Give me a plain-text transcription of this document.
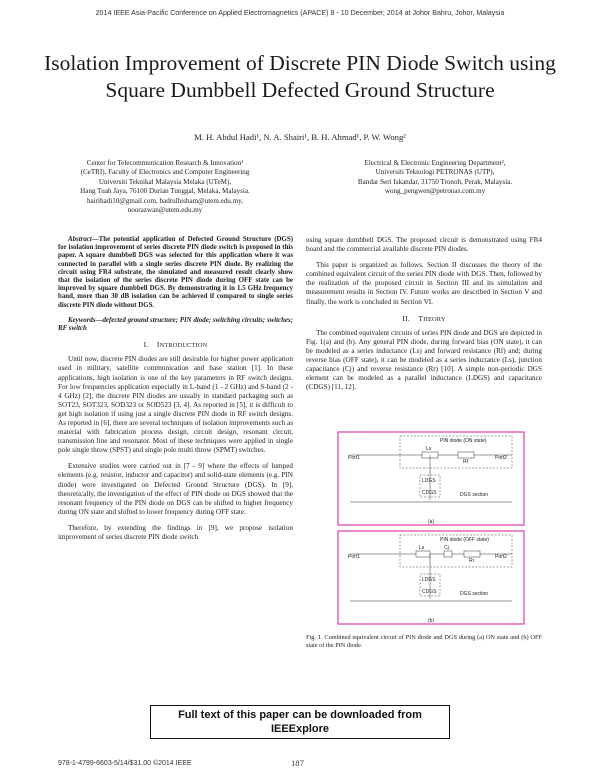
2014 IEEE Asia-Pacific Conference on Applied Electromagnetics (APACE) 8 - 10 December, 2014 at Johor Bahru, Johor, Malaysia
Isolation Improvement of Discrete PIN Diode Switch using Square Dumbbell Defected Ground Structure
M. H. Abdul Hadi¹, N. A. Shairi¹, B. H. Ahmad¹, P. W. Wong²
Center for Telecommunication Research & Innovation¹
(CeTRI), Faculty of Electronics and Computer Engineering
Universiti Teknikal Malaysia Melaka (UTeM),
Hang Tuah Jaya, 76100 Durian Tunggal, Melaka, Malaysia.
hairihadi10@gmail.com, badrulhisham@utem.edu.my,
noorazwan@utem.edu.my
Electrical & Electronic Engineering Department²,
Universiti Teknologi PETRONAS (UTP),
Bandar Seri Iskandar, 31750 Tronoh, Perak, Malaysia.
wong_pengwen@petronas.com.my
Abstract—The potential application of Defected Ground Structure (DGS) for isolation improvement of series discrete PIN diode switch is proposed in this paper. A square dumbbell DGS was selected for this application where it was connected in parallel with a single series discrete PIN diode. By realizing the circuit using FR4 substrate, the simulated and measured result clearly show that the isolation of the series discrete PIN diode during OFF state can be improved by square dumbbell DGS. By demonstrating it in 1.5 GHz frequency band, more than 30 dB isolation can be achieved if compared to single series discrete PIN diode without DGS.
Keywords—defected ground structure; PIN diode; switching circuits; switches; RF switch
I. INTRODUCTION

Until now, discrete PIN diodes are still desirable for higher power application used in military, satellite communication and base station [1]. In these applications, high isolation is one of the key parameters in RF switch designs. For low frequencies application especially in L-band (1 - 2 GHz) and S-band (2 - 4 GHz) [2], the discrete PIN diodes are usually in standard packaging such as SOT23, SOT323, SOD323 or SOD523 [3, 4]. As reported in [5], it is difficult to get high isolation if using just a single discrete PIN diode in RF switch designs. As reported in [6], there are several techniques of isolation improvements such as material with fabrication process design, circuit design, resonant circuit, transmission line and resonator. Most of these techniques were applied in single pole single throw (SPST) and single pole multi throw (SPMT) switches.

Extensive studies were carried out in [7 - 9] where the effects of lumped elements (e.g. resistor, inductor and capacitor) and solid-state elements (e.g. PIN diode) were investigated on Defected Ground Structure (DGS). In [9], theoretically, the investigation of the effect of PIN diode on DGS showed that the resonant frequency of the PIN diode on DGS can be shifted to higher frequency during ON state and shifted to lower frequency during OFF state.

Therefore, by extending the findings in [9], we propose isolation improvement of series discrete PIN diode switch

using square dumbbell DGS. The proposed circuit is demonstrated using FR4 board and the commercial available discrete PIN diodes.

This paper is organized as follows. Section II discusses the theory of the combined equivalent circuit of the series PIN diode with DGS. Then, followed by the realization of the proposed circuit in Section III and its simulation and measurement results in Section IV. Future works are described in Section V and finally, the work is concluded in Section VI.

II. THEORY

The combined equivalent circuits of series PIN diode and DGS are depicted in Fig. 1(a) and (b). Any general PIN diode, during forward bias (ON state), it can be modeled as a series inductance (Ls) and forward resistance (Rf) and; during reverse bias (OFF state), it can be modeled as a series inductance (Ls), junction capacitance (Cj) and reverse resistance (Rr) [10]. A simple non-periodic DGS element can be modeled as a parallel inductance (LDGS) and capacitance (CDGS) [11, 12].

PIN diode (ON state)
Port1	Port2
Ls
Rf
LDGS
CDGS	DGS section
(a)
PIN diode (OFF state)
Port1	Port2
Ls	Cj
Rr
LDGS
CDGS	DGS section
(b)
Fig. 1. Combined equivalent circuit of PIN diode and DGS during (a) ON state and (b) OFF state of the PIN diode.
Full text of this paper can be downloaded from IEEExplore
978-1-4799-6603-5/14/$31.00 ©2014 IEEE	187
